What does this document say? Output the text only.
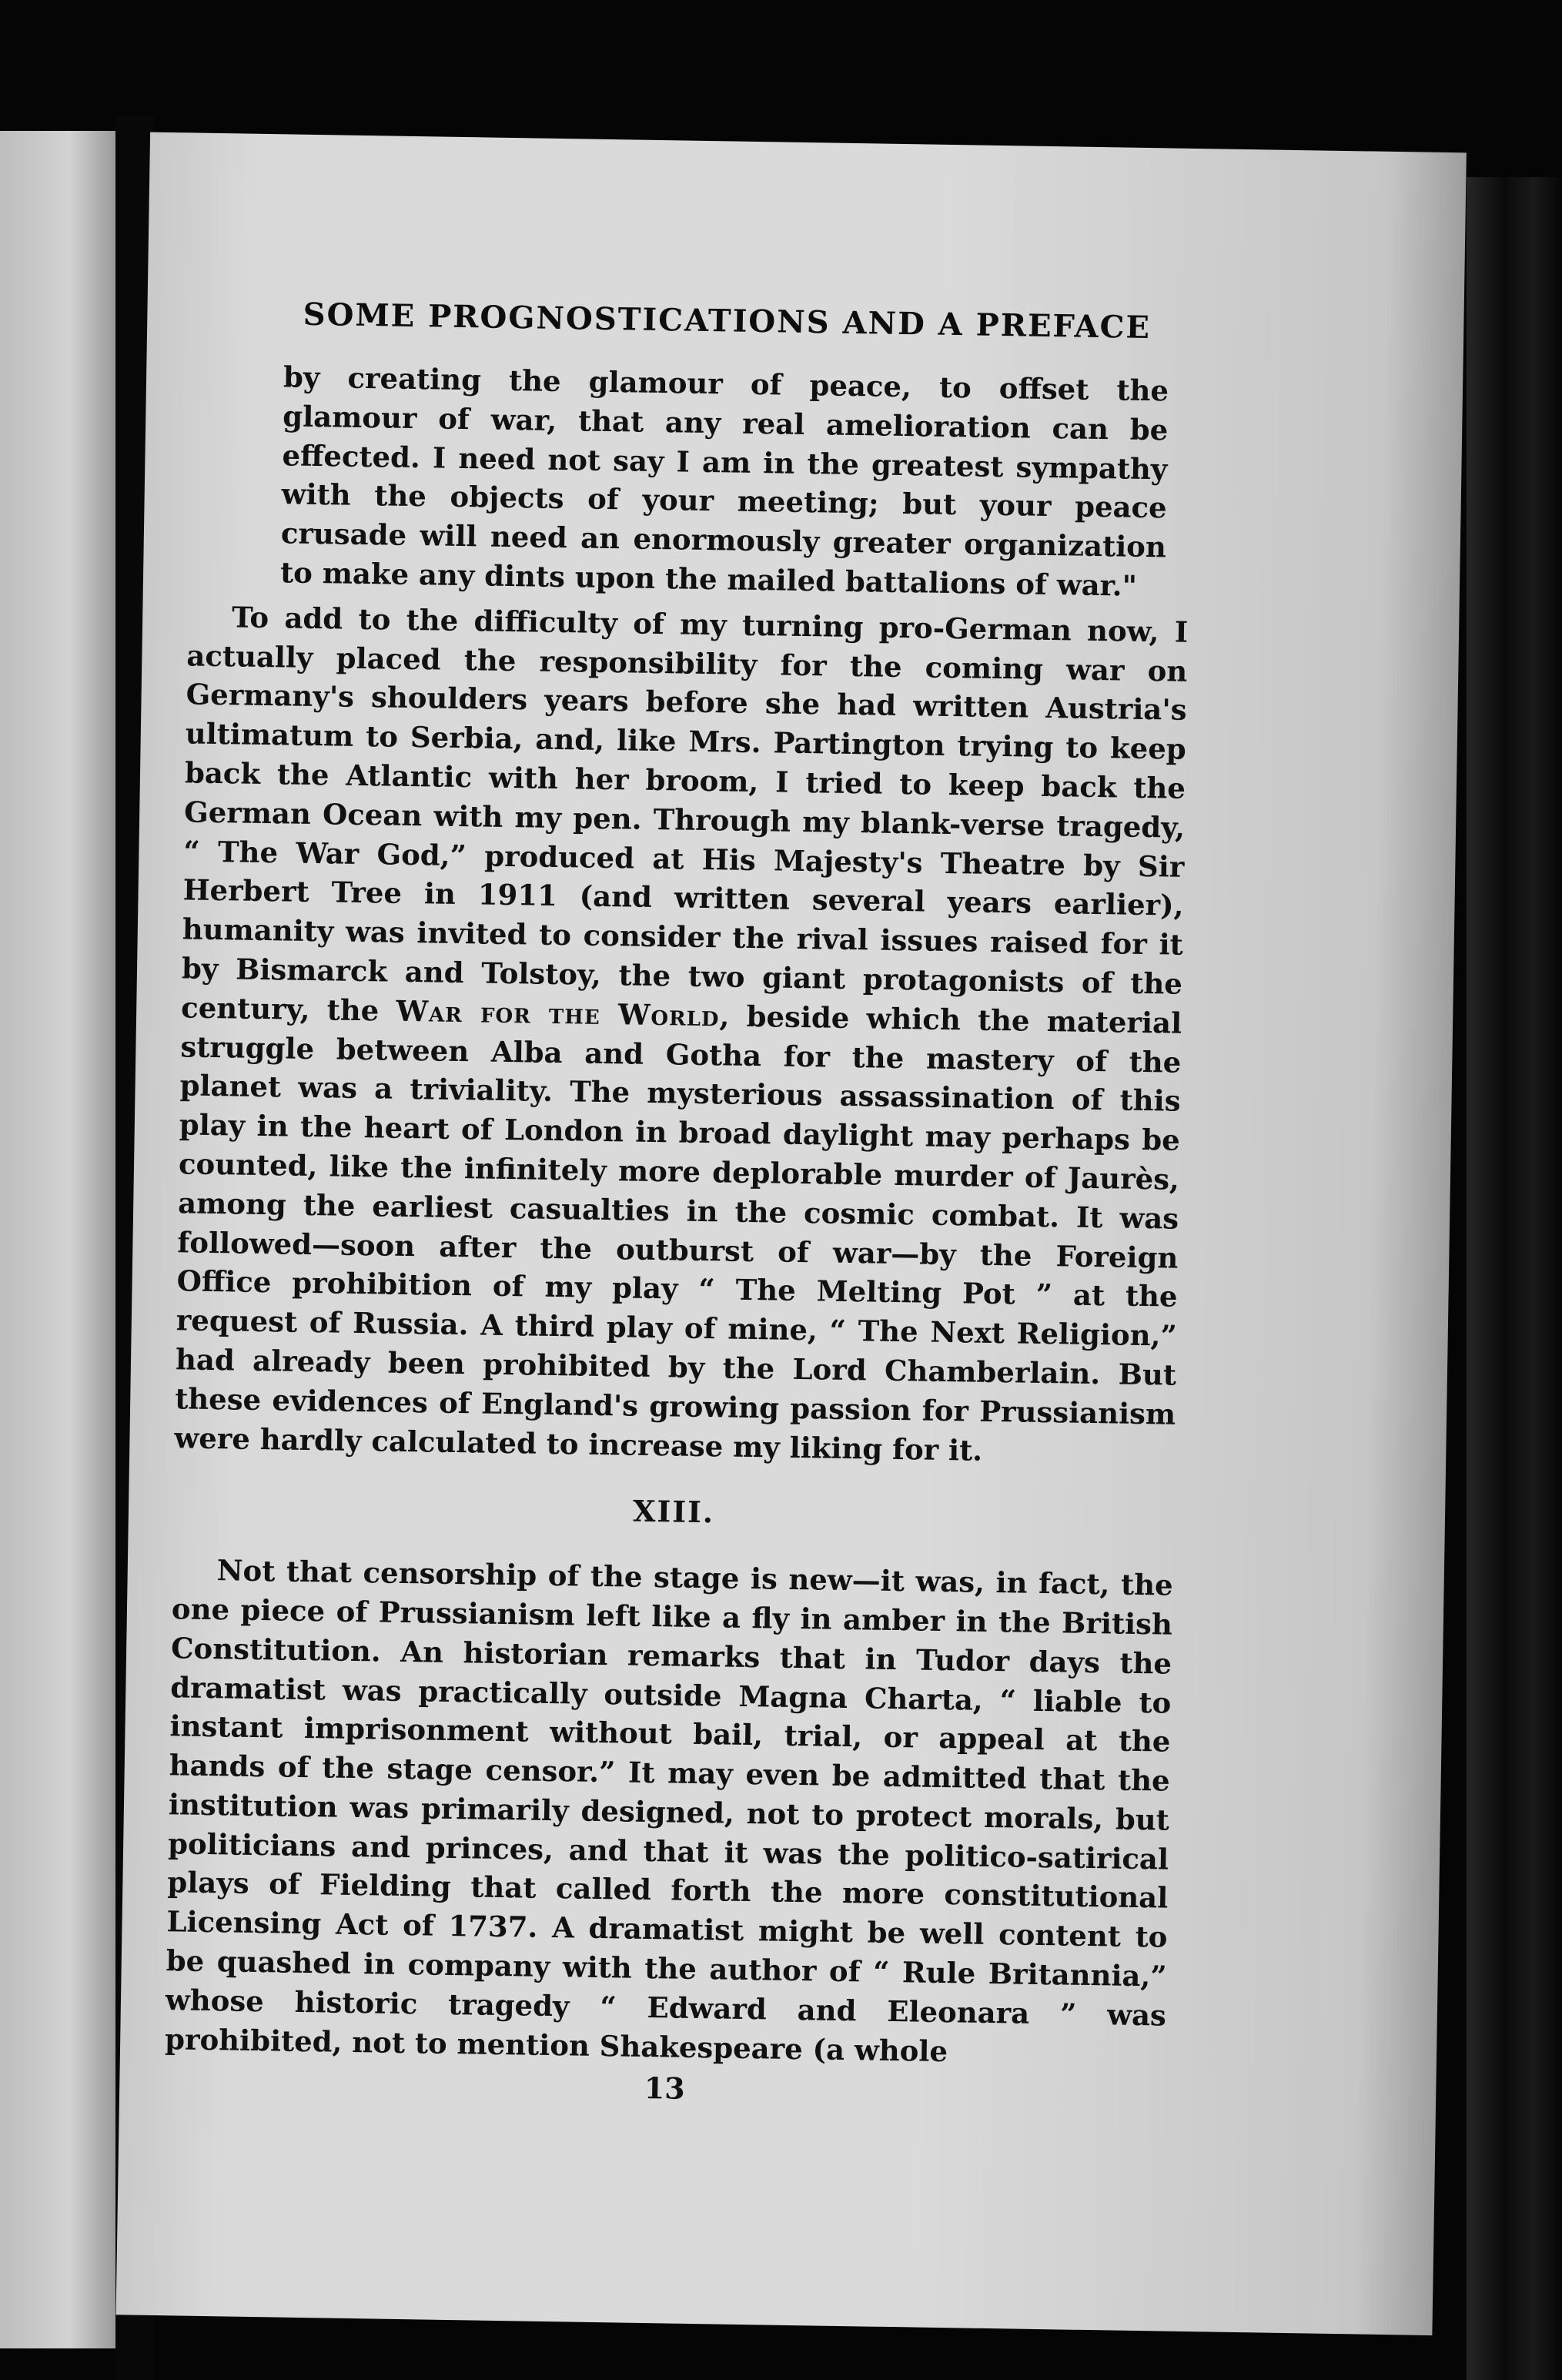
SOME PROGNOSTICATIONS AND A PREFACE

by creating the glamour of peace, to offset the glamour of war, that any real amelioration can be effected. I need not say I am in the greatest sympathy with the objects of your meeting; but your peace crusade will need an enormously greater organization to make any dints upon the mailed battalions of war."

To add to the difficulty of my turning pro-German now, I actually placed the responsibility for the coming war on Germany's shoulders years before she had written Austria's ultimatum to Serbia, and, like Mrs. Partington trying to keep back the Atlantic with her broom, I tried to keep back the German Ocean with my pen. Through my blank-verse tragedy, “ The War God,” produced at His Majesty's Theatre by Sir Herbert Tree in 1911 (and written several years earlier), humanity was invited to consider the rival issues raised for it by Bismarck and Tolstoy, the two giant protagonists of the century, the War for the World, beside which the material struggle between Alba and Gotha for the mastery of the planet was a triviality. The mysterious assassination of this play in the heart of London in broad daylight may perhaps be counted, like the infinitely more deplorable murder of Jaurès, among the earliest casualties in the cosmic combat. It was followed—soon after the outburst of war—by the Foreign Office prohibition of my play “ The Melting Pot ” at the request of Russia. A third play of mine, “ The Next Religion,” had already been prohibited by the Lord Chamberlain. But these evidences of England's growing passion for Prussianism were hardly calculated to increase my liking for it.

XIII.

Not that censorship of the stage is new—it was, in fact, the one piece of Prussianism left like a fly in amber in the British Constitution. An historian remarks that in Tudor days the dramatist was practically outside Magna Charta, “ liable to instant imprisonment without bail, trial, or appeal at the hands of the stage censor.” It may even be admitted that the institution was primarily designed, not to protect morals, but politicians and princes, and that it was the politico-satirical plays of Fielding that called forth the more constitutional Licensing Act of 1737. A dramatist might be well content to be quashed in company with the author of “ Rule Britannia,” whose historic tragedy “ Edward and Eleonara ” was prohibited, not to mention Shakespeare (a whole

13
